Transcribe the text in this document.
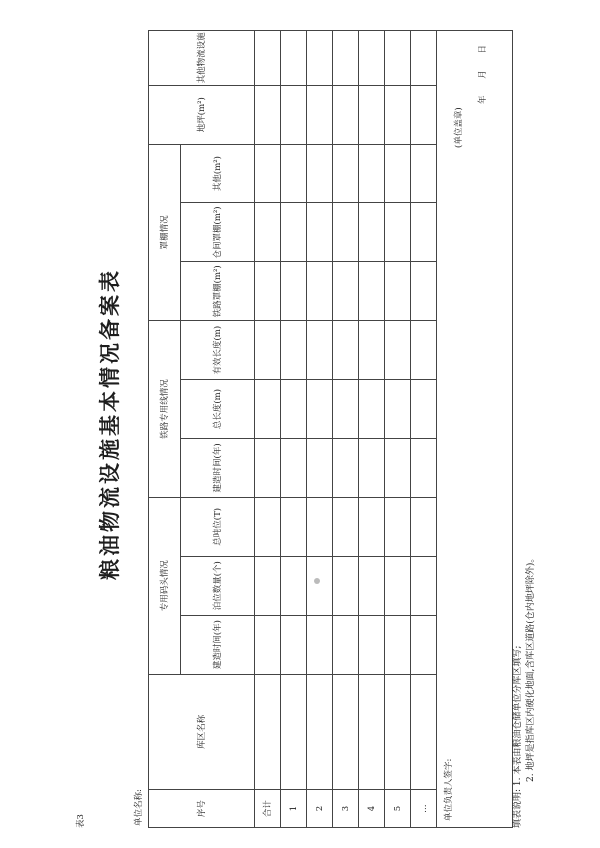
表3
粮油物流设施基本情况备案表
单位名称:	序号	库区名称	专用码头情况			铁路专用线情况			罩棚情况			地坪(m²)	其他物流设施
		建造时间(年)	泊位数量(个)	总吨位(T)	建造时间(年)	总长度(m)	有效长度(m)	铁路罩棚(m²)	仓间罩棚(m²)	其他(m²)		
合计												
1												
2												
3												
4												
5												
…												
单位负责人签字:												
(单位盖章)
年 月 日
填表说明: 1. 本表由粮油仓储单位分库区填写; 2. 地坪是指库区内硬化地面,含库区道路(仓内地坪除外)。
